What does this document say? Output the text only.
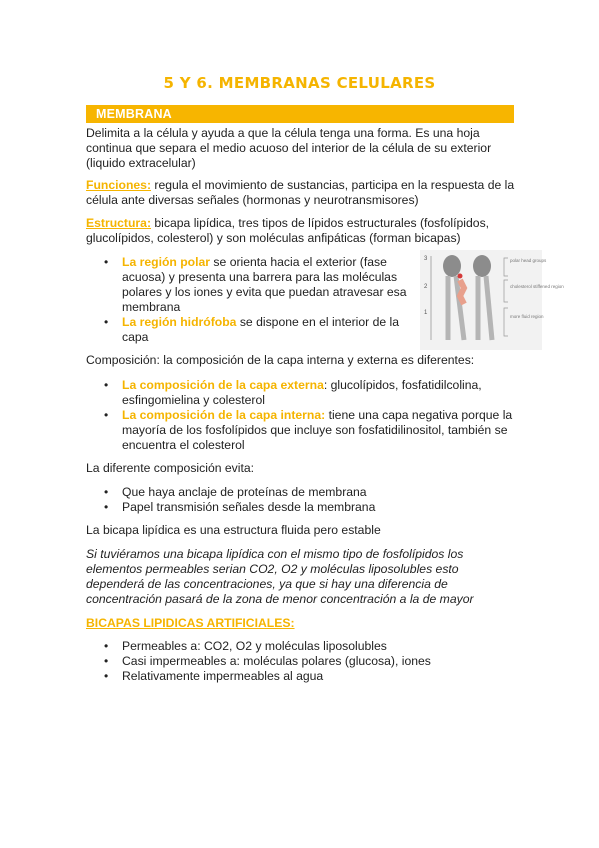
5 Y 6. MEMBRANAS CELULARES
MEMBRANA
Delimita a la célula y ayuda a que la célula tenga una forma. Es una hoja
continua que separa el medio acuoso del interior de la célula de su exterior
(liquido extracelular)
Funciones: regula el movimiento de sustancias, participa en la respuesta de la
célula ante diversas señales (hormonas y neurotransmisores)
Estructura: bicapa lipídica, tres tipos de lípidos estructurales (fosfolípidos,
glucolípidos, colesterol) y son moléculas anfipáticas (forman bicapas)
• La región polar se orienta hacia el exterior (fase
acuosa) y presenta una barrera para las moléculas
polares y los iones y evita que puedan atravesar esa
membrana
• La región hidrófoba se dispone en el interior de la
capa
3
2
1
polar head groups
cholesterol stiffened region
more fluid region
Composición: la composición de la capa interna y externa es diferentes:
• La composición de la capa externa: glucolípidos, fosfatidilcolina,
esfingomielina y colesterol
• La composición de la capa interna: tiene una capa negativa porque la
mayoría de los fosfolípidos que incluye son fosfatidilinositol, también se
encuentra el colesterol
La diferente composición evita:
• Que haya anclaje de proteínas de membrana
• Papel transmisión señales desde la membrana
La bicapa lipídica es una estructura fluida pero estable
Si tuviéramos una bicapa lipídica con el mismo tipo de fosfolípidos los
elementos permeables serian CO2, O2 y moléculas liposolubles esto
dependerá de las concentraciones, ya que si hay una diferencia de
concentración pasará de la zona de menor concentración a la de mayor
BICAPAS LIPIDICAS ARTIFICIALES:
• Permeables a: CO2, O2 y moléculas liposolubles
• Casi impermeables a: moléculas polares (glucosa), iones
• Relativamente impermeables al agua
